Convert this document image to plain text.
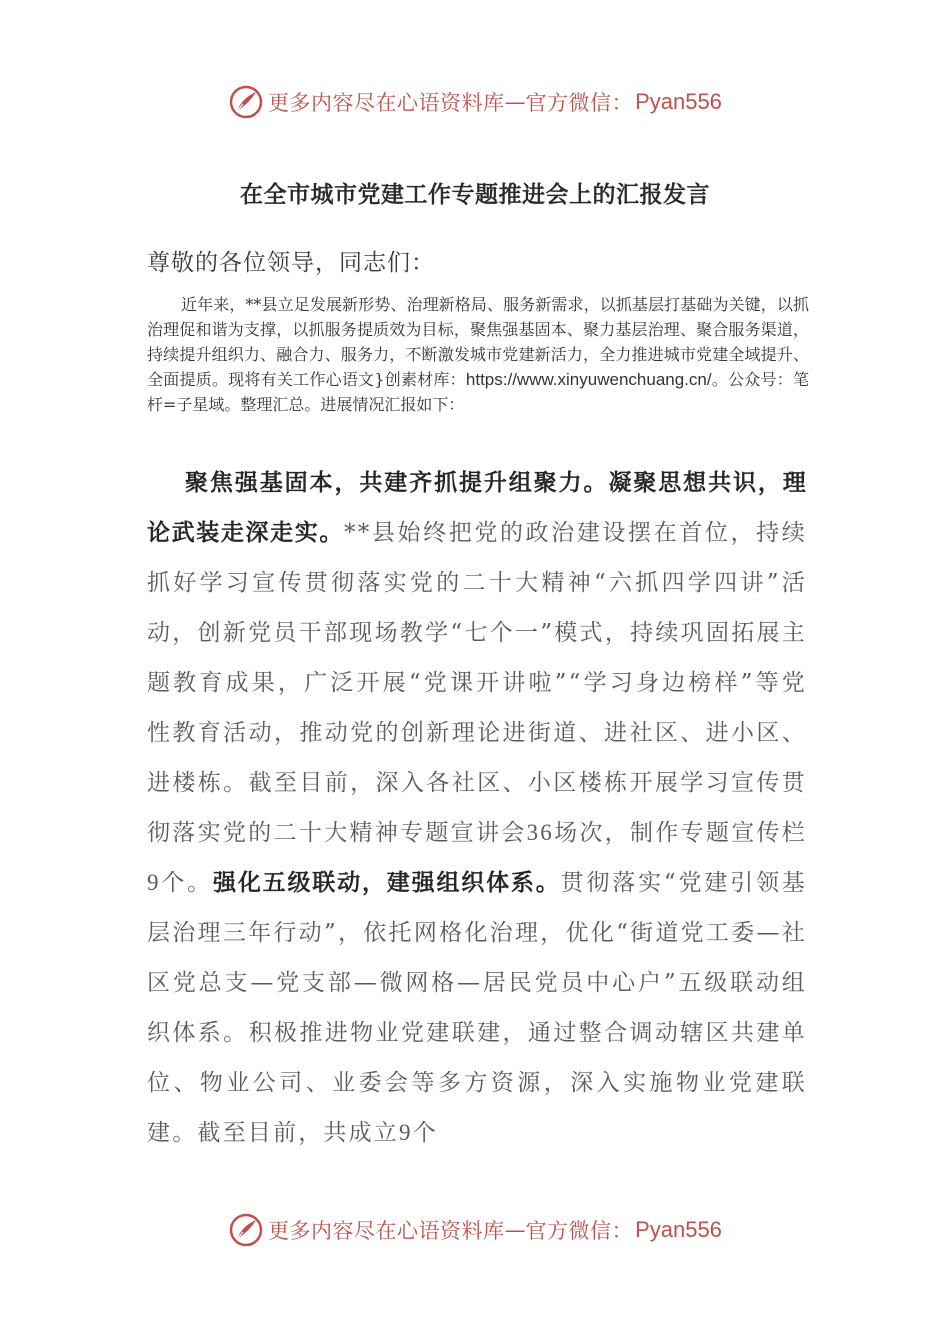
更多内容尽在心语资料库 — 官方微信： Pyan556
在全市城市党建工作专题推进会上的汇报发言
尊敬的各位领导，同志们：

近年来，**县立足发展新形势、治理新格局、服务新需求，以抓基层打基础为关键，以抓治理促和谐为支撑，以抓服务提质效为目标，聚焦强基固本、聚力基层治理、聚合服务渠道，持续提升组织力、融合力、服务力，不断激发城市党建新活力，全力推进城市党建全域提升、全面提质。现将有关工作心语文}创素材库：https://www.xinyuwenchuang.cn/。公众号：笔杆=子星域。整理汇总。进展情况汇报如下：

聚焦强基固本，共建齐抓提升组聚力。凝聚思想共识，理论武装走深走实。**县始终把党的政治建设摆在首位，持续抓好学习宣传贯彻落实党的二十大精神“六抓四学四讲”活动，创新党员干部现场教学“七个一”模式，持续巩固拓展主题教育成果，广泛开展“党课开讲啦”“学习身边榜样”等党性教育活动，推动党的创新理论进街道、进社区、进小区、进楼栋。截至目前，深入各社区、小区楼栋开展学习宣传贯彻落实党的二十大精神专题宣讲会36场次，制作专题宣传栏9个。强化五级联动，建强组织体系。贯彻落实“党建引领基层治理三年行动”，依托网格化治理，优化“街道党工委—社区党总支—党支部—微网格—居民党员中心户”五级联动组织体系。积极推进物业党建联建，通过整合调动辖区共建单位、物业公司、业委会等多方资源，深入实施物业党建联建。截至目前，共成立9个

更多内容尽在心语资料库 — 官方微信： Pyan556
